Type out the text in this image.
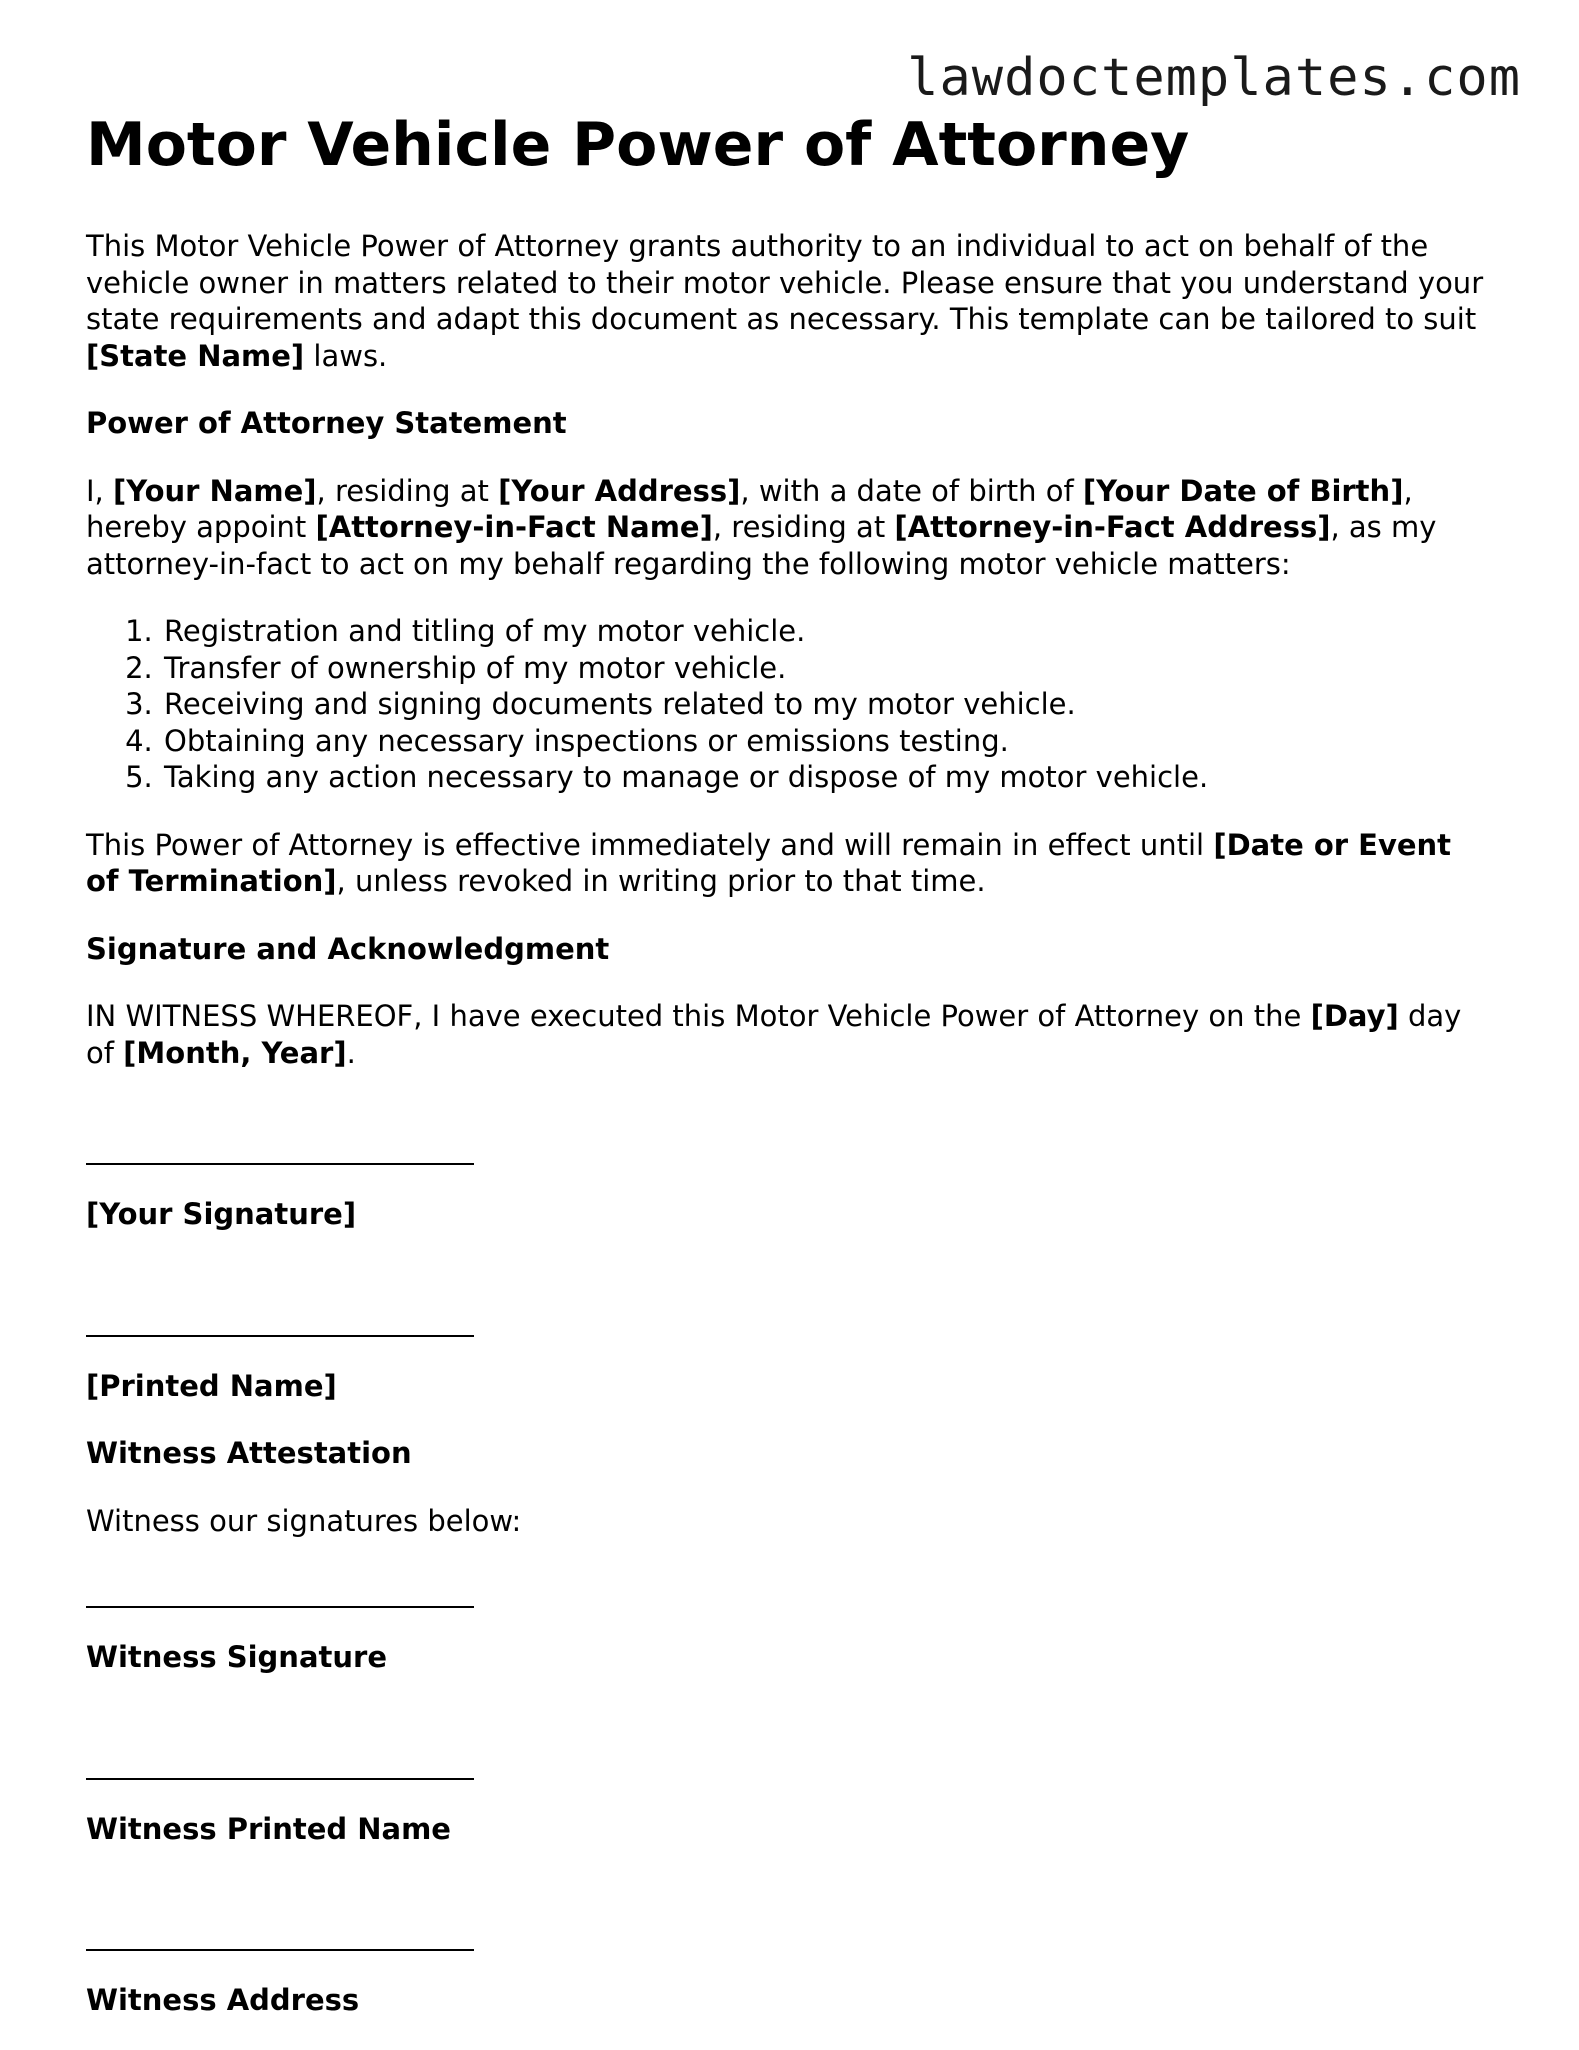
lawdoctemplates.com
Motor Vehicle Power of Attorney

This Motor Vehicle Power of Attorney grants authority to an individual to act on behalf of the vehicle owner in matters related to their motor vehicle. Please ensure that you understand your state requirements and adapt this document as necessary. This template can be tailored to suit [State Name] laws.

Power of Attorney Statement

I, [Your Name], residing at [Your Address], with a date of birth of [Your Date of Birth], hereby appoint [Attorney-in-Fact Name], residing at [Attorney-in-Fact Address], as my attorney-in-fact to act on my behalf regarding the following motor vehicle matters:

1. Registration and titling of my motor vehicle.
2. Transfer of ownership of my motor vehicle.
3. Receiving and signing documents related to my motor vehicle.
4. Obtaining any necessary inspections or emissions testing.
5. Taking any action necessary to manage or dispose of my motor vehicle.

This Power of Attorney is effective immediately and will remain in effect until [Date or Event of Termination], unless revoked in writing prior to that time.

Signature and Acknowledgment

IN WITNESS WHEREOF, I have executed this Motor Vehicle Power of Attorney on the [Day] day of [Month, Year].

[Your Signature]

[Printed Name]

Witness Attestation

Witness our signatures below:

Witness Signature

Witness Printed Name

Witness Address
